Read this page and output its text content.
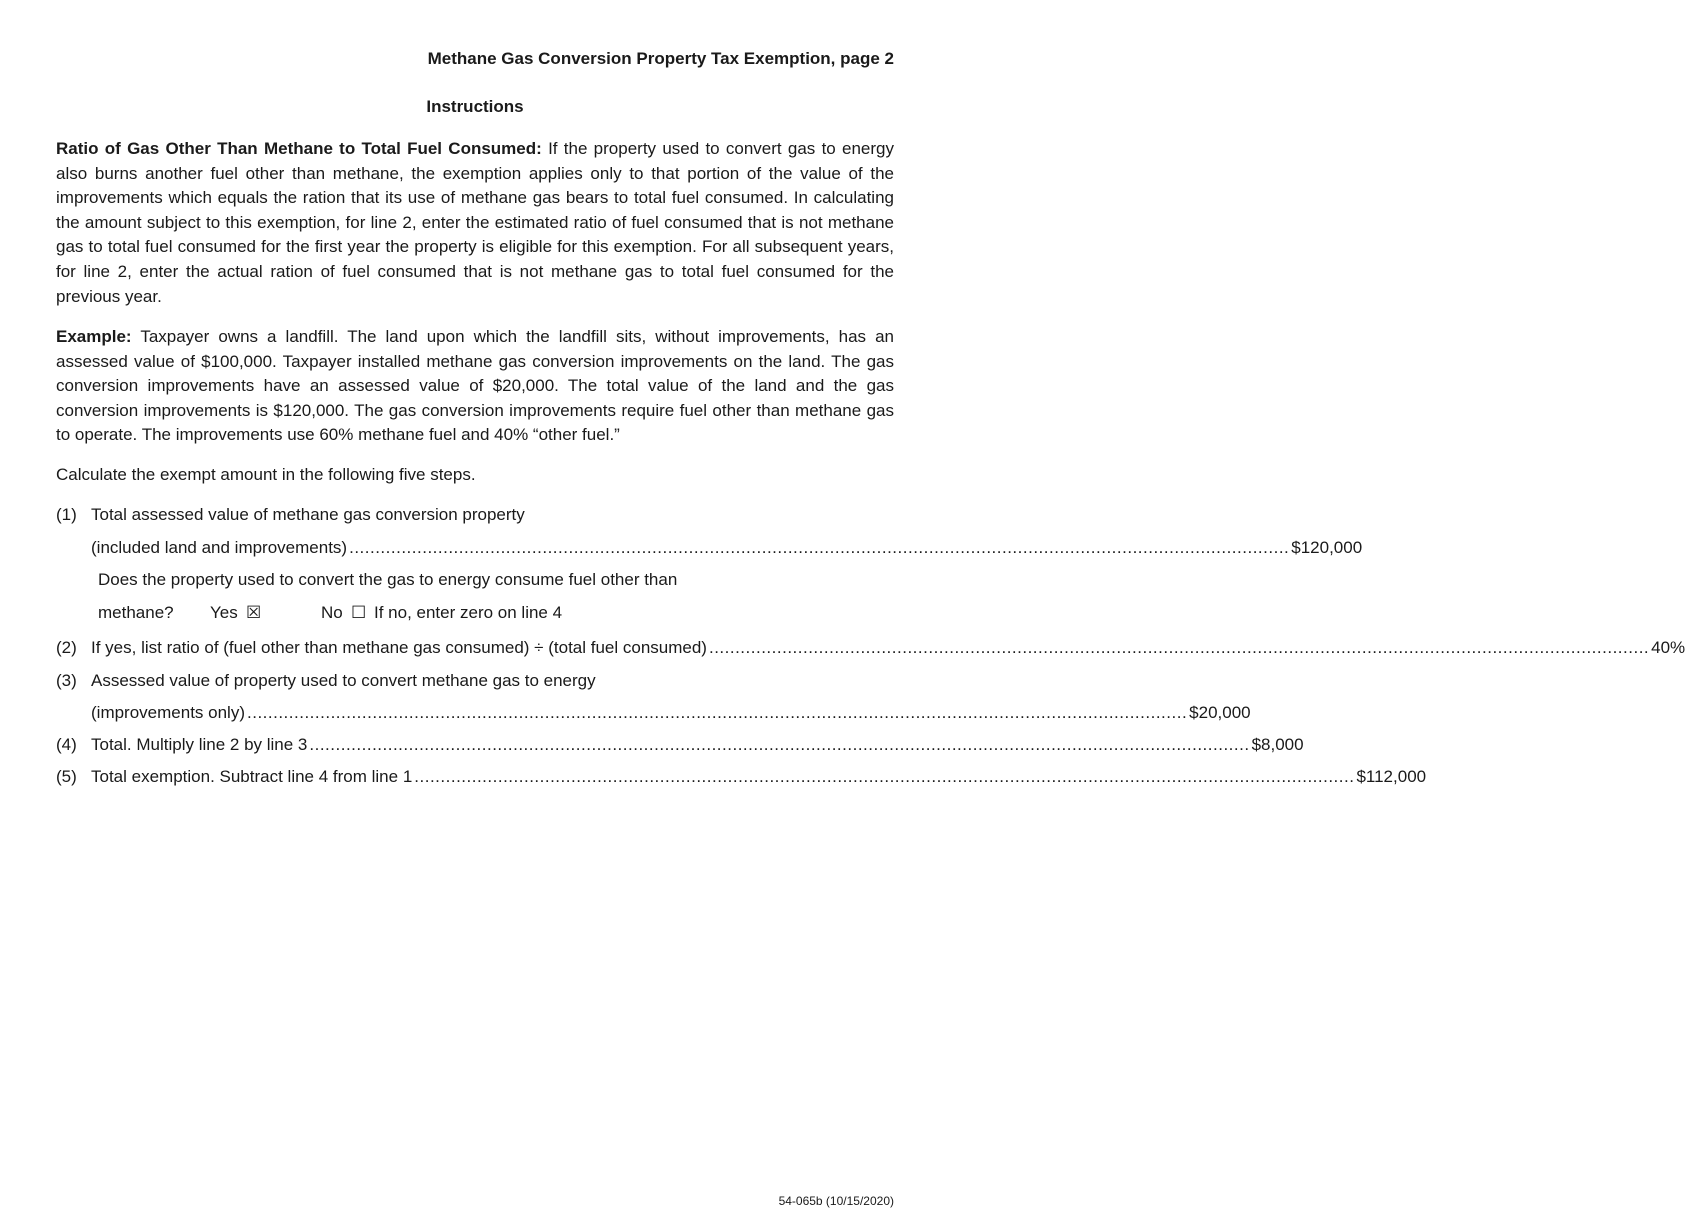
Methane Gas Conversion Property Tax Exemption, page 2
Instructions

Ratio of Gas Other Than Methane to Total Fuel Consumed: If the property used to convert gas to energy also burns another fuel other than methane, the exemption applies only to that portion of the value of the improvements which equals the ration that its use of methane gas bears to total fuel consumed. In calculating the amount subject to this exemption, for line 2, enter the estimated ratio of fuel consumed that is not methane gas to total fuel consumed for the first year the property is eligible for this exemption. For all subsequent years, for line 2, enter the actual ration of fuel consumed that is not methane gas to total fuel consumed for the previous year.

Example: Taxpayer owns a landfill. The land upon which the landfill sits, without improvements, has an assessed value of $100,000. Taxpayer installed methane gas conversion improvements on the land. The gas conversion improvements have an assessed value of $20,000. The total value of the land and the gas conversion improvements is $120,000. The gas conversion improvements require fuel other than methane gas to operate. The improvements use 60% methane fuel and 40% “other fuel.”

Calculate the exempt amount in the following five steps.
(1) Total assessed value of methane gas conversion property
(included land and improvements) .................................................................................................................................................................................... $120,000
Does the property used to convert the gas to energy consume fuel other than
methane? Yes ☒	No ☐ If no, enter zero on line 4
(2) If yes, list ratio of (fuel other than methane gas consumed) ÷ (total fuel consumed) .................................................................................................................................................................................... 40%
(3) Assessed value of property used to convert methane gas to energy
(improvements only) .................................................................................................................................................................................... $20,000
(4) Total. Multiply line 2 by line 3 .................................................................................................................................................................................... $8,000
(5) Total exemption. Subtract line 4 from line 1 .................................................................................................................................................................................... $112,000
54-065b (10/15/2020)
